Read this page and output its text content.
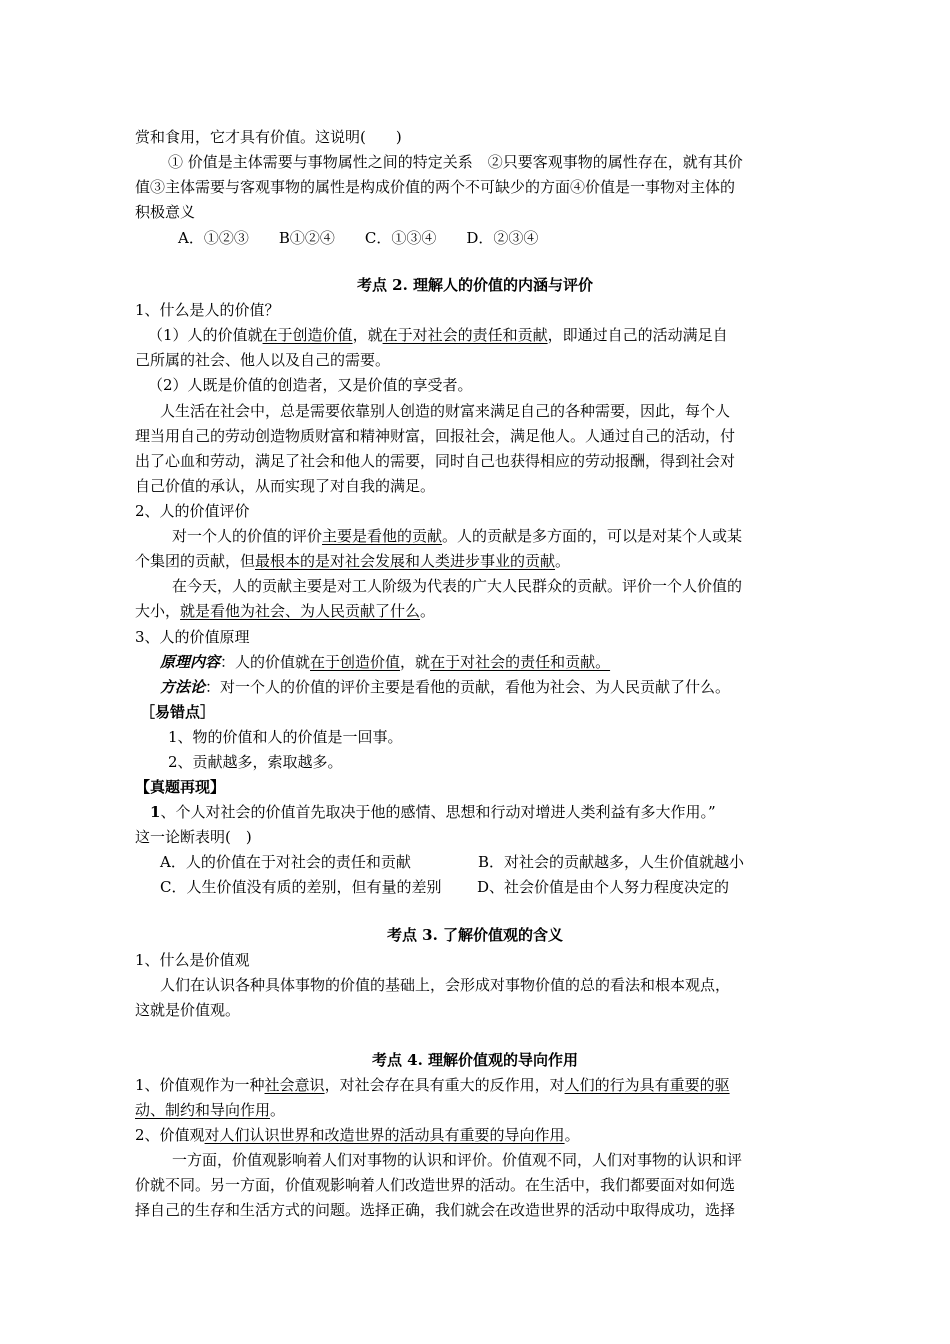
赏和食用，它才具有价值。这说明(　　)
① 价值是主体需要与事物属性之间的特定关系　②只要客观事物的属性存在，就有其价
值③主体需要与客观事物的属性是构成价值的两个不可缺少的方面④价值是一事物对主体的
积极意义
A．①②③　　B①②④　　C．①③④　　D．②③④
考点 2. 理解人的价值的内涵与评价
1、什么是人的价值？
（1）人的价值就在于创造价值，就在于对社会的责任和贡献，即通过自己的活动满足自
己所属的社会、他人以及自己的需要。
（2）人既是价值的创造者，又是价值的享受者。
人生活在社会中，总是需要依靠别人创造的财富来满足自己的各种需要，因此，每个人
理当用自己的劳动创造物质财富和精神财富，回报社会，满足他人。人通过自己的活动，付
出了心血和劳动，满足了社会和他人的需要，同时自己也获得相应的劳动报酬，得到社会对
自己价值的承认，从而实现了对自我的满足。
2、人的价值评价
对一个人的价值的评价主要是看他的贡献。人的贡献是多方面的，可以是对某个人或某
个集团的贡献，但最根本的是对社会发展和人类进步事业的贡献。
在今天，人的贡献主要是对工人阶级为代表的广大人民群众的贡献。评价一个人价值的
大小，就是看他为社会、为人民贡献了什么。
3、人的价值原理
原理内容：人的价值就在于创造价值，就在于对社会的责任和贡献。
方法论：对一个人的价值的评价主要是看他的贡献，看他为社会、为人民贡献了什么。
［易错点］
1、物的价值和人的价值是一回事。
2、贡献越多，索取越多。
【真题再现】
1、个人对社会的价值首先取决于他的感情、思想和行动对增进人类利益有多大作用。”
这一论断表明(　)
A．人的价值在于对社会的责任和贡献	B．对社会的贡献越多，人生价值就越小
C．人生价值没有质的差别，但有量的差别 D、社会价值是由个人努力程度决定的
考点 3. 了解价值观的含义
1、什么是价值观
人们在认识各种具体事物的价值的基础上，会形成对事物价值的总的看法和根本观点，
这就是价值观。
考点 4. 理解价值观的导向作用
1、价值观作为一种社会意识，对社会存在具有重大的反作用，对人们的行为具有重要的驱
动、制约和导向作用。
2、价值观对人们认识世界和改造世界的活动具有重要的导向作用。
一方面，价值观影响着人们对事物的认识和评价。价值观不同，人们对事物的认识和评
价就不同。另一方面，价值观影响着人们改造世界的活动。在生活中，我们都要面对如何选
择自己的生存和生活方式的问题。选择正确，我们就会在改造世界的活动中取得成功，选择
